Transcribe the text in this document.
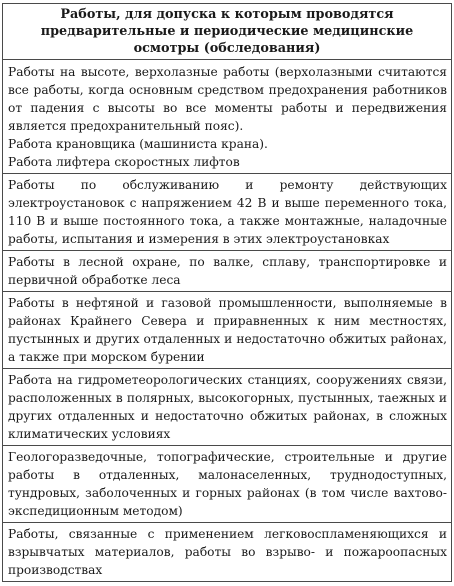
Работы, для допуска к которым проводятся предварительные и периодические медицинские осмотры (обследования)

Работы на высоте, верхолазные работы (верхолазными считаются все работы, когда основным средством предохранения работников от падения с высоты во все моменты работы и передвижения является предохранительный пояс).
Работа крановщика (машиниста крана).
Работа лифтера скоростных лифтов

Работы по обслуживанию и ремонту действующих электроустановок с напряжением 42 В и выше переменного тока, 110 В и выше постоянного тока, а также монтажные, наладочные работы, испытания и измерения в этих электроустановках
Работы в лесной охране, по валке, сплаву, транспортировке и первичной обработке леса
Работы в нефтяной и газовой промышленности, выполняемые в районах Крайнего Севера и приравненных к ним местностях, пустынных и других отдаленных и недостаточно обжитых районах, а также при морском бурении
Работа на гидрометеорологических станциях, сооружениях связи, расположенных в полярных, высокогорных, пустынных, таежных и других отдаленных и недостаточно обжитых районах, в сложных климатических условиях
Геологоразведочные, топографические, строительные и другие работы в отдаленных, малонаселенных, труднодоступных, тундровых, заболоченных и горных районах (в том числе вахтово-экспедиционным методом)
Работы, связанные с применением легковоспламеняющихся и взрывчатых материалов, работы во взрыво- и пожароопасных производствах
